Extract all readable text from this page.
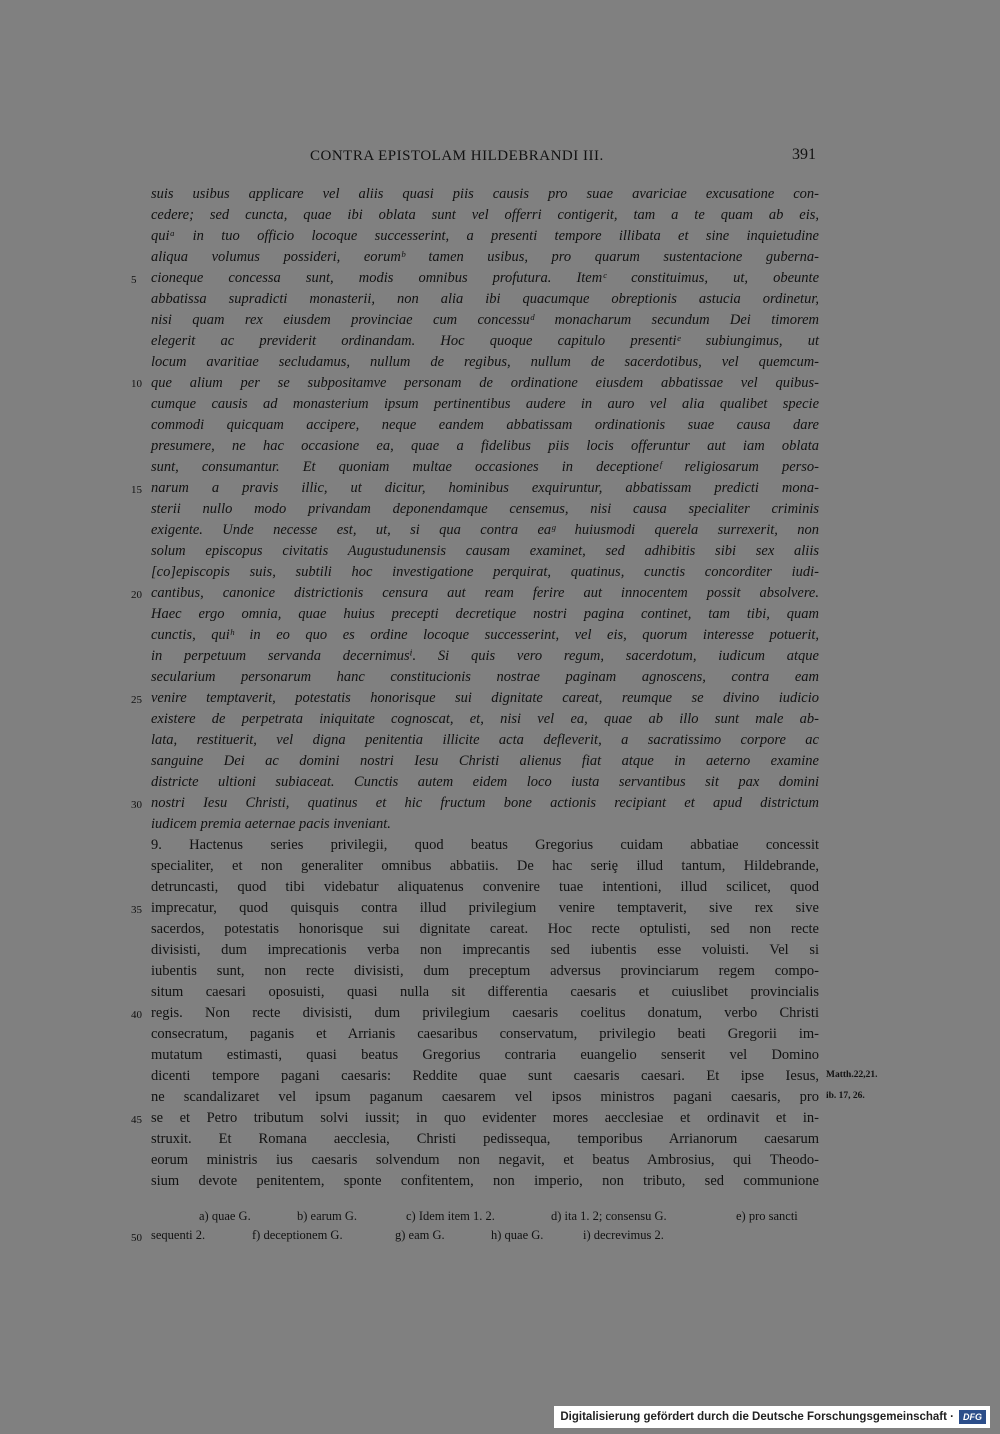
CONTRA EPISTOLAM HILDEBRANDI III.	391
suis usibus applicare vel aliis quasi piis causis pro suae avariciae excusatione con-
cedere; sed cuncta, quae ibi oblata sunt vel offerri contigerit, tam a te quam ab eis,
quiᵃ in tuo officio locoque successerint, a presenti tempore illibata et sine inquietudine
aliqua volumus possideri, eorumᵇ tamen usibus, pro quarum sustentacione guberna-
cioneque concessa sunt, modis omnibus profutura. Itemᶜ constituimus, ut, obeunte
abbatissa supradicti monasterii, non alia ibi quacumque obreptionis astucia ordinetur,
nisi quam rex eiusdem provinciae cum concessuᵈ monacharum secundum Dei timorem
elegerit ac previderit ordinandam. Hoc quoque capitulo presentiᵉ subiungimus, ut
locum avaritiae secludamus, nullum de regibus, nullum de sacerdotibus, vel quemcum-
que alium per se subpositamve personam de ordinatione eiusdem abbatissae vel quibus-
cumque causis ad monasterium ipsum pertinentibus audere in auro vel alia qualibet specie
commodi quicquam accipere, neque eandem abbatissam ordinationis suae causa dare
presumere, ne hac occasione ea, quae a fidelibus piis locis offeruntur aut iam oblata
sunt, consumantur. Et quoniam multae occasiones in deceptioneᶠ religiosarum perso-
narum a pravis illic, ut dicitur, hominibus exquiruntur, abbatissam predicti mona-
sterii nullo modo privandam deponendamque censemus, nisi causa specialiter criminis
exigente. Unde necesse est, ut, si qua contra eaᵍ huiusmodi querela surrexerit, non
solum episcopus civitatis Augustudunensis causam examinet, sed adhibitis sibi sex aliis
[co]episcopis suis, subtili hoc investigatione perquirat, quatinus, cunctis concorditer iudi-
cantibus, canonice districtionis censura aut ream ferire aut innocentem possit absolvere.
Haec ergo omnia, quae huius precepti decretique nostri pagina continet, tam tibi, quam
cunctis, quiʰ in eo quo es ordine locoque successerint, vel eis, quorum interesse potuerit,
in perpetuum servanda decernimusⁱ. Si quis vero regum, sacerdotum, iudicum atque
secularium personarum hanc constitucionis nostrae paginam agnoscens, contra eam
venire temptaverit, potestatis honorisque sui dignitate careat, reumque se divino iudicio
existere de perpetrata iniquitate cognoscat, et, nisi vel ea, quae ab illo sunt male ab-
lata, restituerit, vel digna penitentia illicite acta defleverit, a sacratissimo corpore ac
sanguine Dei ac domini nostri Iesu Christi alienus fiat atque in aeterno examine
districte ultioni subiaceat. Cunctis autem eidem loco iusta servantibus sit pax domini
nostri Iesu Christi, quatinus et hic fructum bone actionis recipiant et apud districtum
iudicem premia aeternae pacis inveniant.
9. Hactenus series privilegii, quod beatus Gregorius cuidam abbatiae concessit
specialiter, et non generaliter omnibus abbatiis. De hac seriȩ illud tantum, Hildebrande,
detruncasti, quod tibi videbatur aliquatenus convenire tuae intentioni, illud scilicet, quod
imprecatur, quod quisquis contra illud privilegium venire temptaverit, sive rex sive
sacerdos, potestatis honorisque sui dignitate careat. Hoc recte optulisti, sed non recte
divisisti, dum imprecationis verba non imprecantis sed iubentis esse voluisti. Vel si
iubentis sunt, non recte divisisti, dum preceptum adversus provinciarum regem compo-
situm caesari oposuisti, quasi nulla sit differentia caesaris et cuiuslibet provincialis
regis. Non recte divisisti, dum privilegium caesaris coelitus donatum, verbo Christi
consecratum, paganis et Arrianis caesaribus conservatum, privilegio beati Gregorii im-
mutatum estimasti, quasi beatus Gregorius contraria euangelio senserit vel Domino
dicenti tempore pagani caesaris: Reddite quae sunt caesaris caesari. Et ipse Iesus,
ne scandalizaret vel ipsum paganum caesarem vel ipsos ministros pagani caesaris, pro
se et Petro tributum solvi iussit; in quo evidenter mores aecclesiae et ordinavit et in-
struxit. Et Romana aecclesia, Christi pedissequa, temporibus Arrianorum caesarum
eorum ministris ius caesaris solvendum non negavit, et beatus Ambrosius, qui Theodo-
sium devote penitentem, sponte confitentem, non imperio, non tributo, sed communione
5
10
15
20
25
30
35
40
45
50
Matth.22,21.
ib. 17, 26.
a) quae G.	b) earum G.	c) Idem item 1. 2.	d) ita 1. 2; consensu G.	e) pro sancti
sequenti 2.	f) deceptionem G.	g) eam G.	h) quae G.	i) decrevimus 2.
Digitalisierung gefördert durch die Deutsche Forschungsgemeinschaft ·	DFG
